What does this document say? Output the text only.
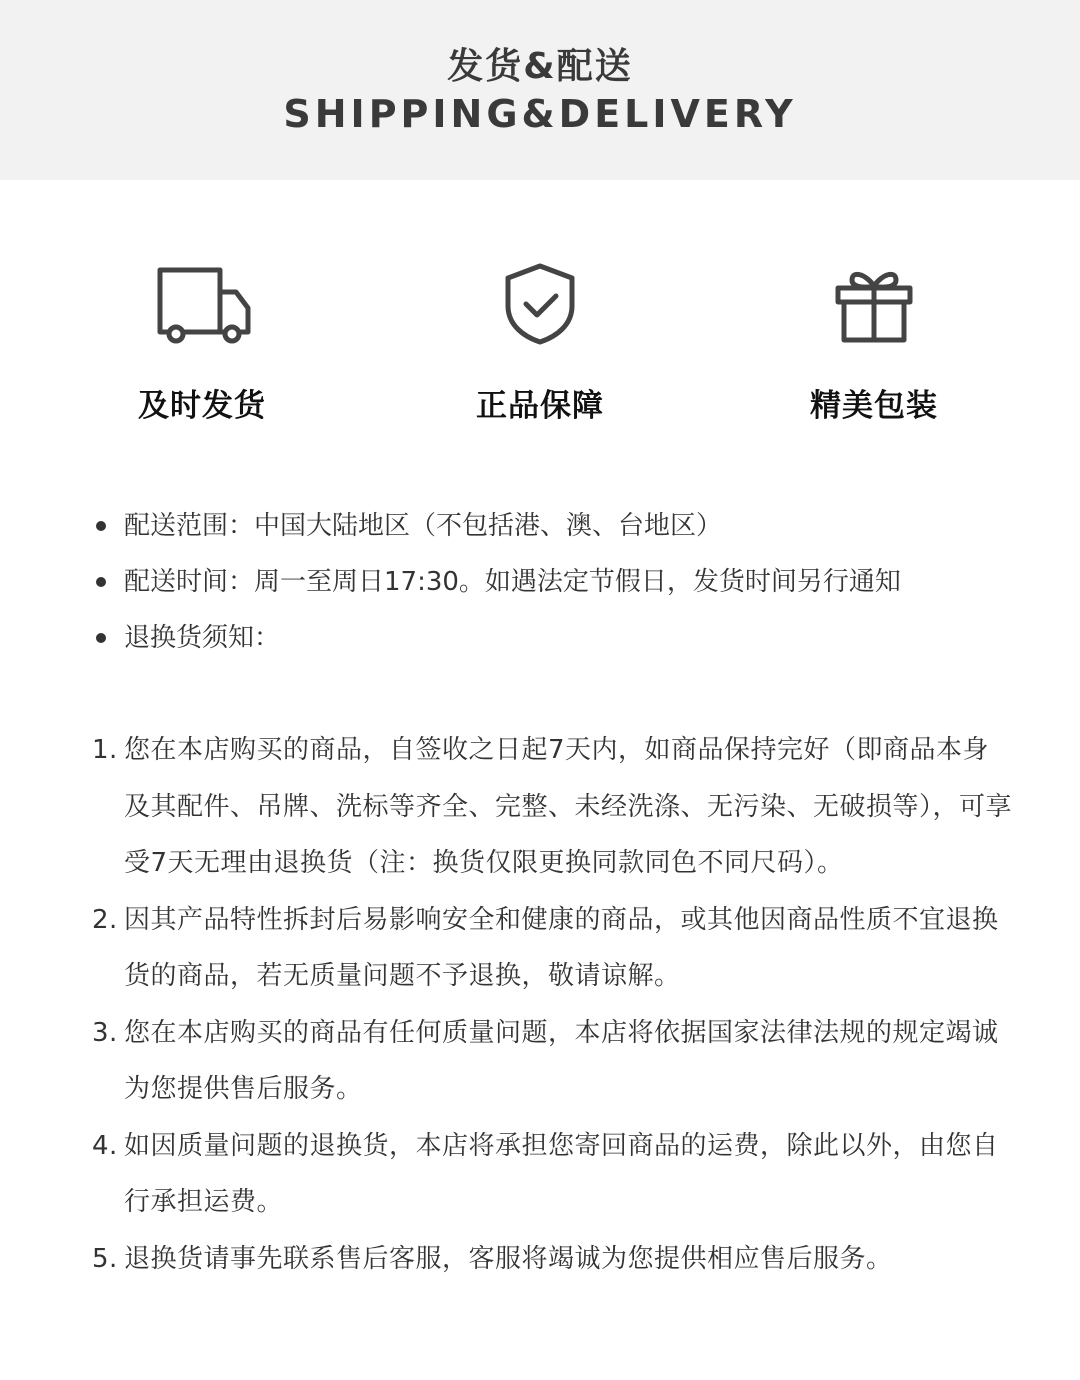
发货&配送
SHIPPING&DELIVERY
及时发货	正品保障	精美包装
配送范围：中国大陆地区（不包括港、澳、台地区）
配送时间：周一至周日17:30。如遇法定节假日，发货时间另行通知
退换货须知：
1. 您在本店购买的商品，自签收之日起7天内，如商品保持完好（即商品本身及其配件、吊牌、洗标等齐全、完整、未经洗涤、无污染、无破损等），可享受7天无理由退换货（注：换货仅限更换同款同色不同尺码）。
2. 因其产品特性拆封后易影响安全和健康的商品，或其他因商品性质不宜退换货的商品，若无质量问题不予退换，敬请谅解。
3. 您在本店购买的商品有任何质量问题，本店将依据国家法律法规的规定竭诚为您提供售后服务。
4. 如因质量问题的退换货，本店将承担您寄回商品的运费，除此以外，由您自行承担运费。
5. 退换货请事先联系售后客服，客服将竭诚为您提供相应售后服务。
